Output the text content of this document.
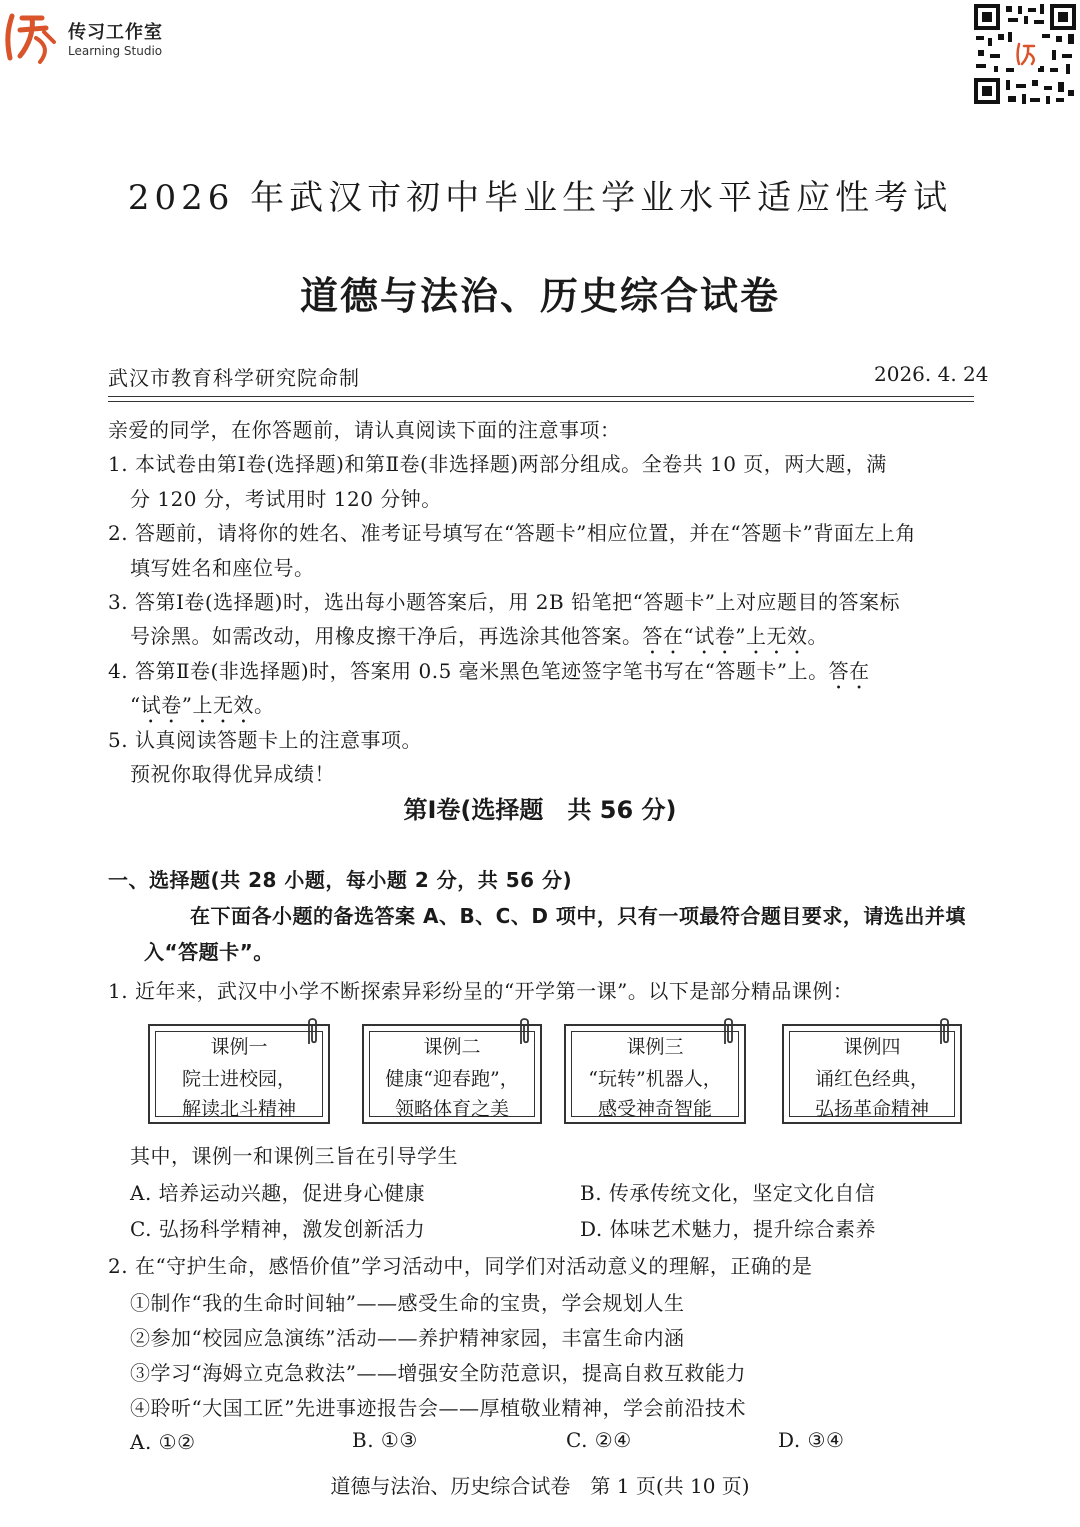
传习工作室
Learning Studio
2026 年武汉市初中毕业生学业水平适应性考试
道德与法治、历史综合试卷
武汉市教育科学研究院命制	2026. 4. 24
亲爱的同学，在你答题前，请认真阅读下面的注意事项：
1. 本试卷由第Ⅰ卷(选择题)和第Ⅱ卷(非选择题)两部分组成。全卷共 10 页，两大题，满
分 120 分，考试用时 120 分钟。
2. 答题前，请将你的姓名、准考证号填写在“答题卡”相应位置，并在“答题卡”背面左上角
填写姓名和座位号。
3. 答第Ⅰ卷(选择题)时，选出每小题答案后，用 2B 铅笔把“答题卡”上对应题目的答案标
号涂黑。如需改动，用橡皮擦干净后，再选涂其他答案。答在“试卷”上无效。
4. 答第Ⅱ卷(非选择题)时，答案用 0.5 毫米黑色笔迹签字笔书写在“答题卡”上。答在
“试卷”上无效。
5. 认真阅读答题卡上的注意事项。
预祝你取得优异成绩！
第Ⅰ卷(选择题　共 56 分)
一、选择题(共 28 小题，每小题 2 分，共 56 分)
在下面各小题的备选答案 A、B、C、D 项中，只有一项最符合题目要求，请选出并填
入“答题卡”。
1. 近年来，武汉中小学不断探索异彩纷呈的“开学第一课”。以下是部分精品课例：
课例一
院士进校园，
解读北斗精神
课例二
健康“迎春跑”，
领略体育之美
课例三
“玩转”机器人，
感受神奇智能
课例四
诵红色经典，
弘扬革命精神
其中，课例一和课例三旨在引导学生
A. 培养运动兴趣，促进身心健康	B. 传承传统文化，坚定文化自信
C. 弘扬科学精神，激发创新活力	D. 体味艺术魅力，提升综合素养
2. 在“守护生命，感悟价值”学习活动中，同学们对活动意义的理解，正确的是
①制作“我的生命时间轴”——感受生命的宝贵，学会规划人生
②参加“校园应急演练”活动——养护精神家园，丰富生命内涵
③学习“海姆立克急救法”——增强安全防范意识，提高自救互救能力
④聆听“大国工匠”先进事迹报告会——厚植敬业精神，学会前沿技术
A. ①②	B. ①③	C. ②④	D. ③④
道德与法治、历史综合试卷　第 1 页(共 10 页)
